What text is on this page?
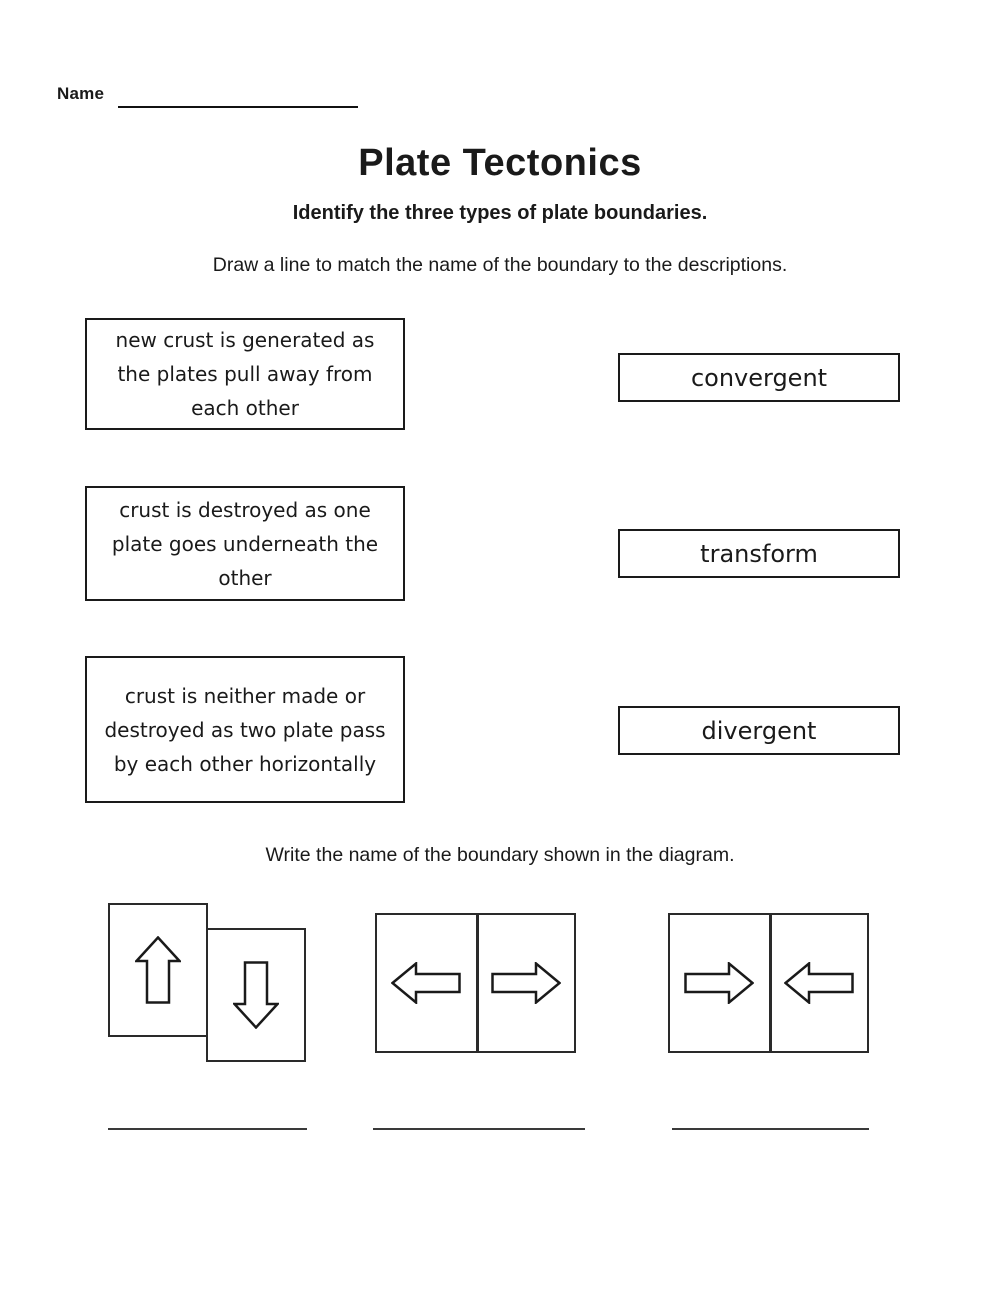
Name
Plate Tectonics
Identify the three types of plate boundaries.
Draw a line to match the name of the boundary to the descriptions.
new crust is generated as the plates pull away from each other
crust is destroyed as one plate goes underneath the other
crust is neither made or destroyed as two plate pass by each other horizontally
convergent
transform
divergent
Write the name of the boundary shown in the diagram.
